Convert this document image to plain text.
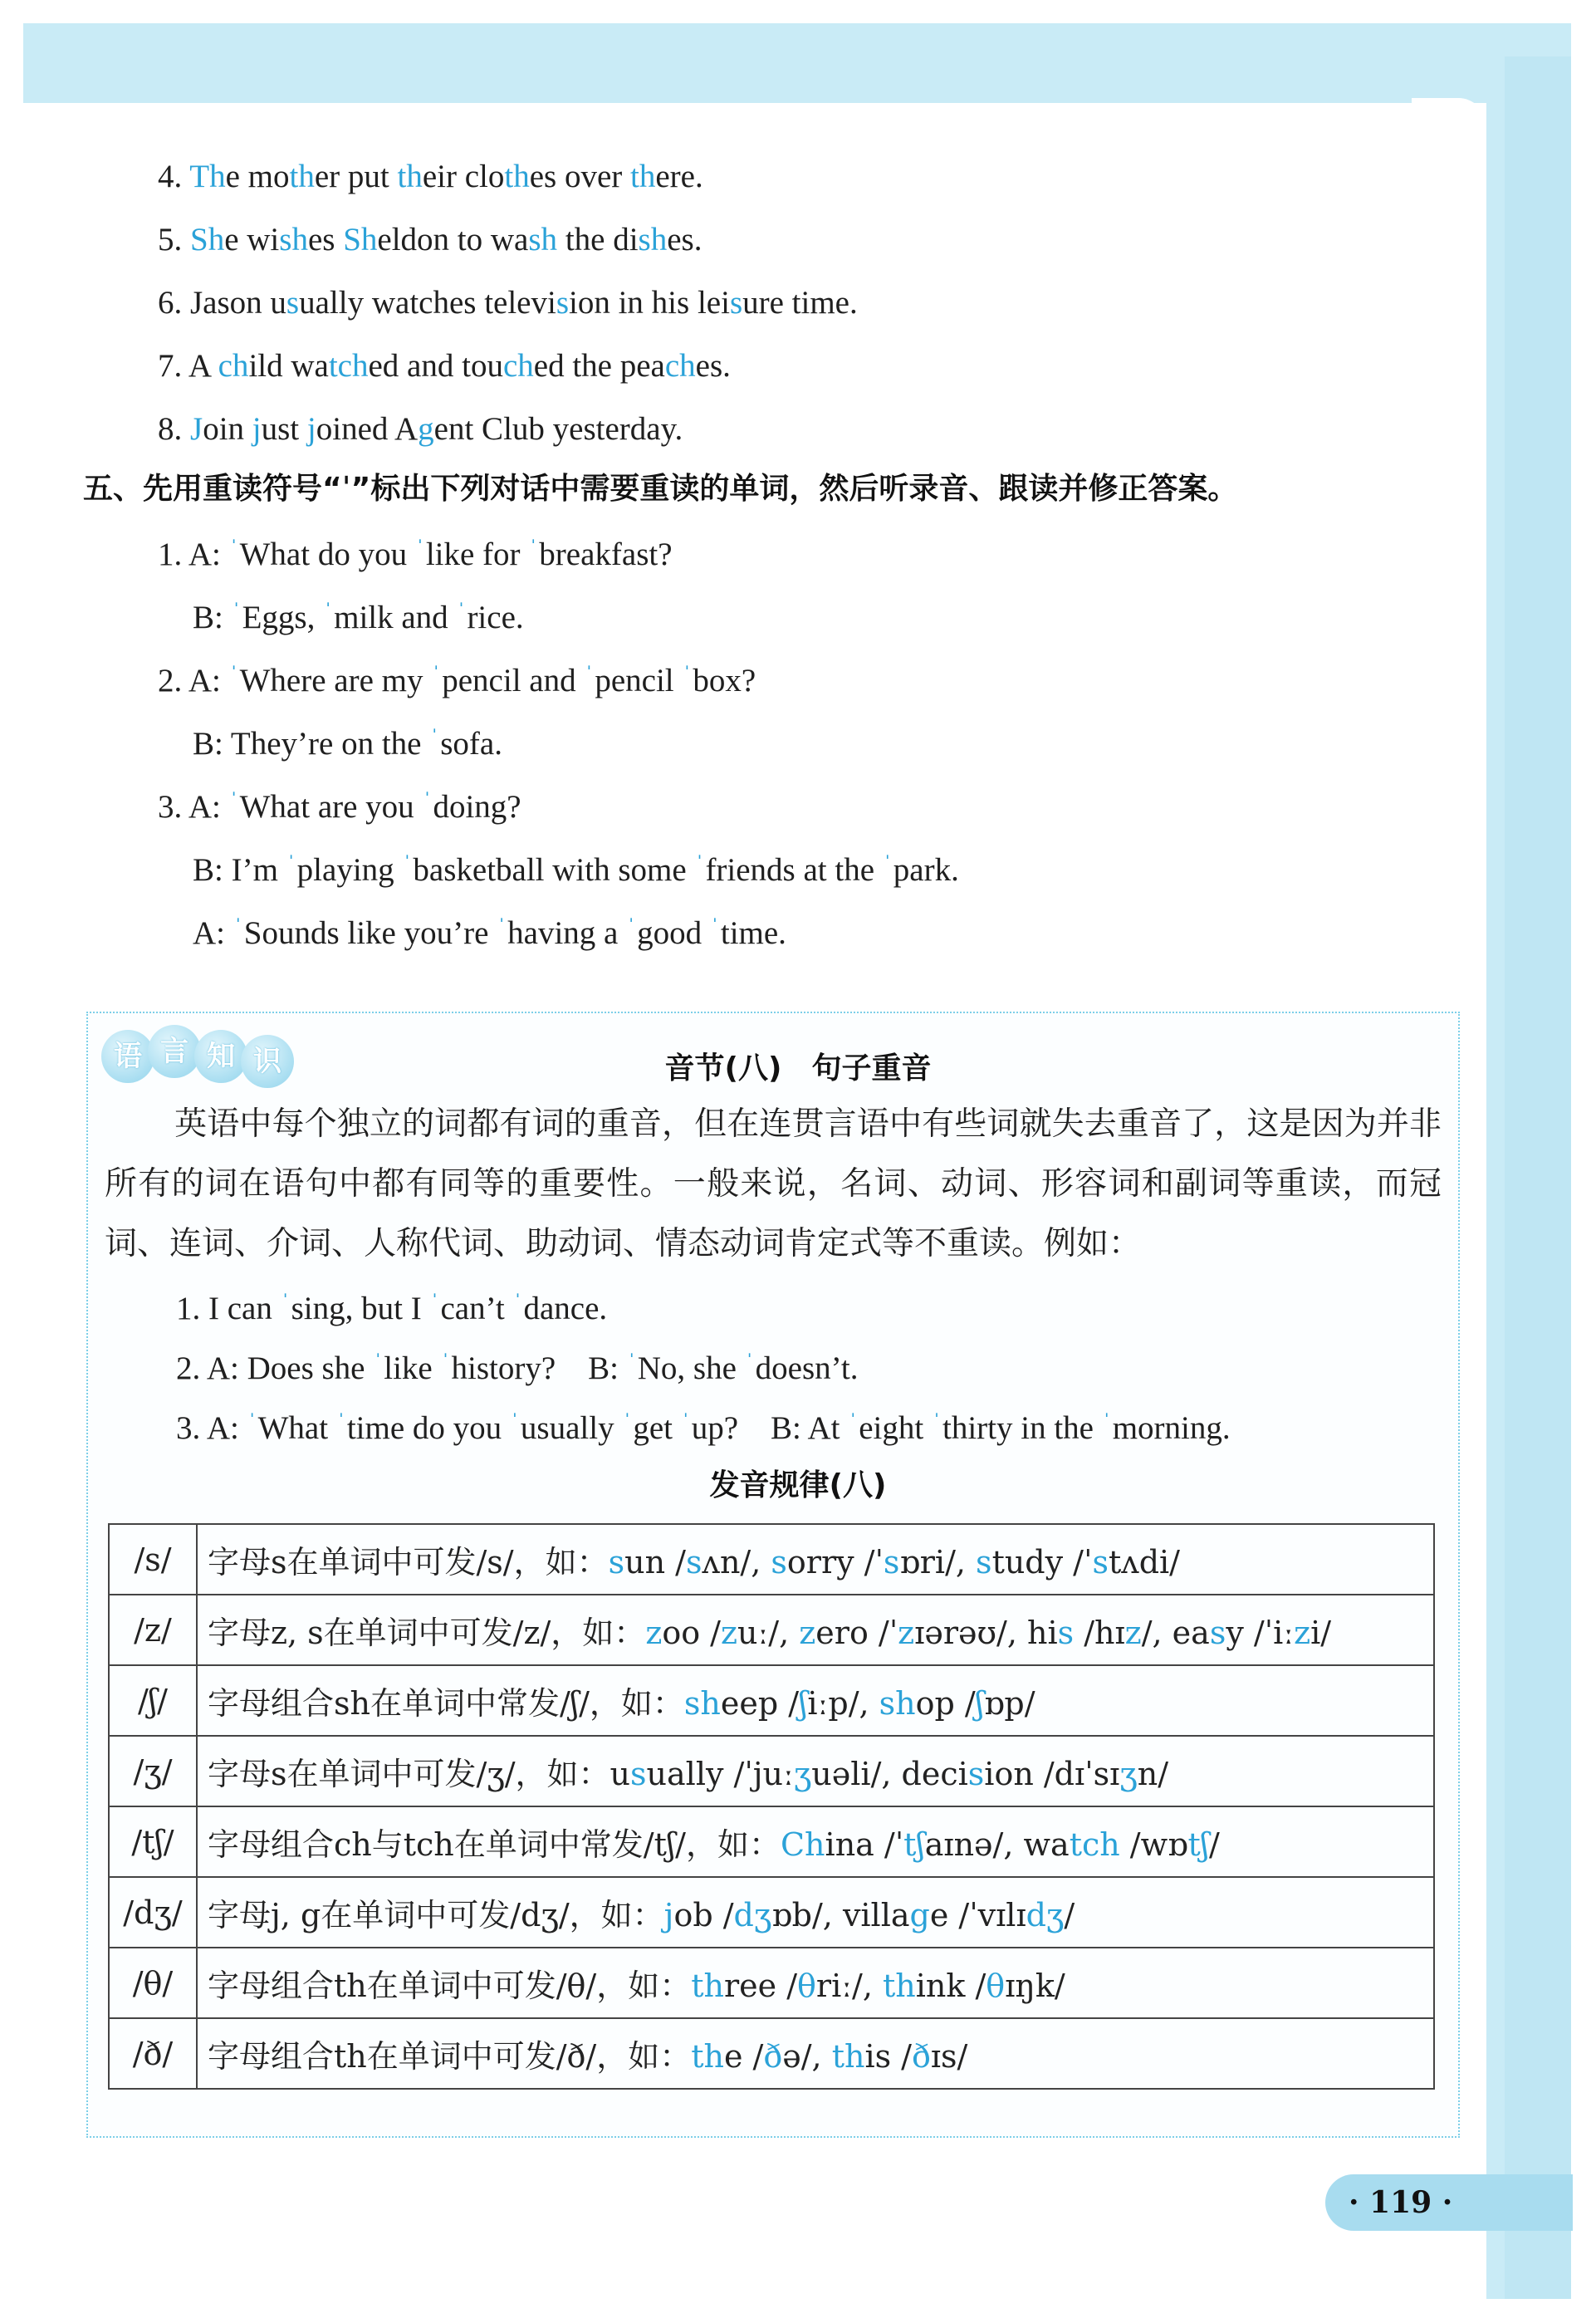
4. The mother put their clothes over there.
5. She wishes Sheldon to wash the dishes.
6. Jason usually watches television in his leisure time.
7. A child watched and touched the peaches.
8. Join just joined Agent Club yesterday.
五、先用重读符号“ˈ”标出下列对话中需要重读的单词，然后听录音、跟读并修正答案。
1. A: $^ˈ$What do you $^ˈ$like for $^ˈ$breakfast?
B: $^ˈ$Eggs, $^ˈ$milk and $^ˈ$rice.
2. A: $^ˈ$Where are my $^ˈ$pencil and $^ˈ$pencil $^ˈ$box?
B: They’re on the $^ˈ$sofa.
3. A: $^ˈ$What are you $^ˈ$doing?
B: I’m $^ˈ$playing $^ˈ$basketball with some $^ˈ$friends at the $^ˈ$park.
A: $^ˈ$Sounds like you’re $^ˈ$having a $^ˈ$good $^ˈ$time.
语 言 知 识	音节(八)　句子重音
英语中每个独立的词都有词的重音，但在连贯言语中有些词就失去重音了，这是因为并非所有的词在语句中都有同等的重要性。一般来说，名词、动词、形容词和副词等重读，而冠词、连词、介词、人称代词、助动词、情态动词肯定式等不重读。例如：
1. I can $^ˈ$sing, but I $^ˈ$can’t $^ˈ$dance.
2. A: Does she $^ˈ$like $^ˈ$history?　B: $^ˈ$No, she $^ˈ$doesn’t.
3. A: $^ˈ$What $^ˈ$time do you $^ˈ$usually $^ˈ$get $^ˈ$up?　B: At $^ˈ$eight $^ˈ$thirty in the $^ˈ$morning.
发音规律(八)
/s/	字母s在单词中可发/s/，如：sun /sʌn/, sorry /ˈsɒri/, study /ˈstʌdi/
/z/	字母z, s在单词中可发/z/，如：zoo /zuː/, zero /ˈzɪərəʊ/, his /hɪz/, easy /ˈiːzi/
/ʃ/	字母组合sh在单词中常发/ʃ/，如：sheep /ʃiːp/, shop /ʃɒp/
/ʒ/	字母s在单词中可发/ʒ/，如：usually /ˈjuːʒuəli/, decision /dɪˈsɪʒn/
/tʃ/	字母组合ch与tch在单词中常发/tʃ/，如：China /ˈtʃaɪnə/, watch /wɒtʃ/
/dʒ/	字母j, g在单词中可发/dʒ/，如：job /dʒɒb/, village /ˈvɪlɪdʒ/
/θ/	字母组合th在单词中可发/θ/，如：three /θriː/, think /θɪŋk/
/ð/	字母组合th在单词中可发/ð/，如：the /ðə/, this /ðɪs/
· 119 ·
